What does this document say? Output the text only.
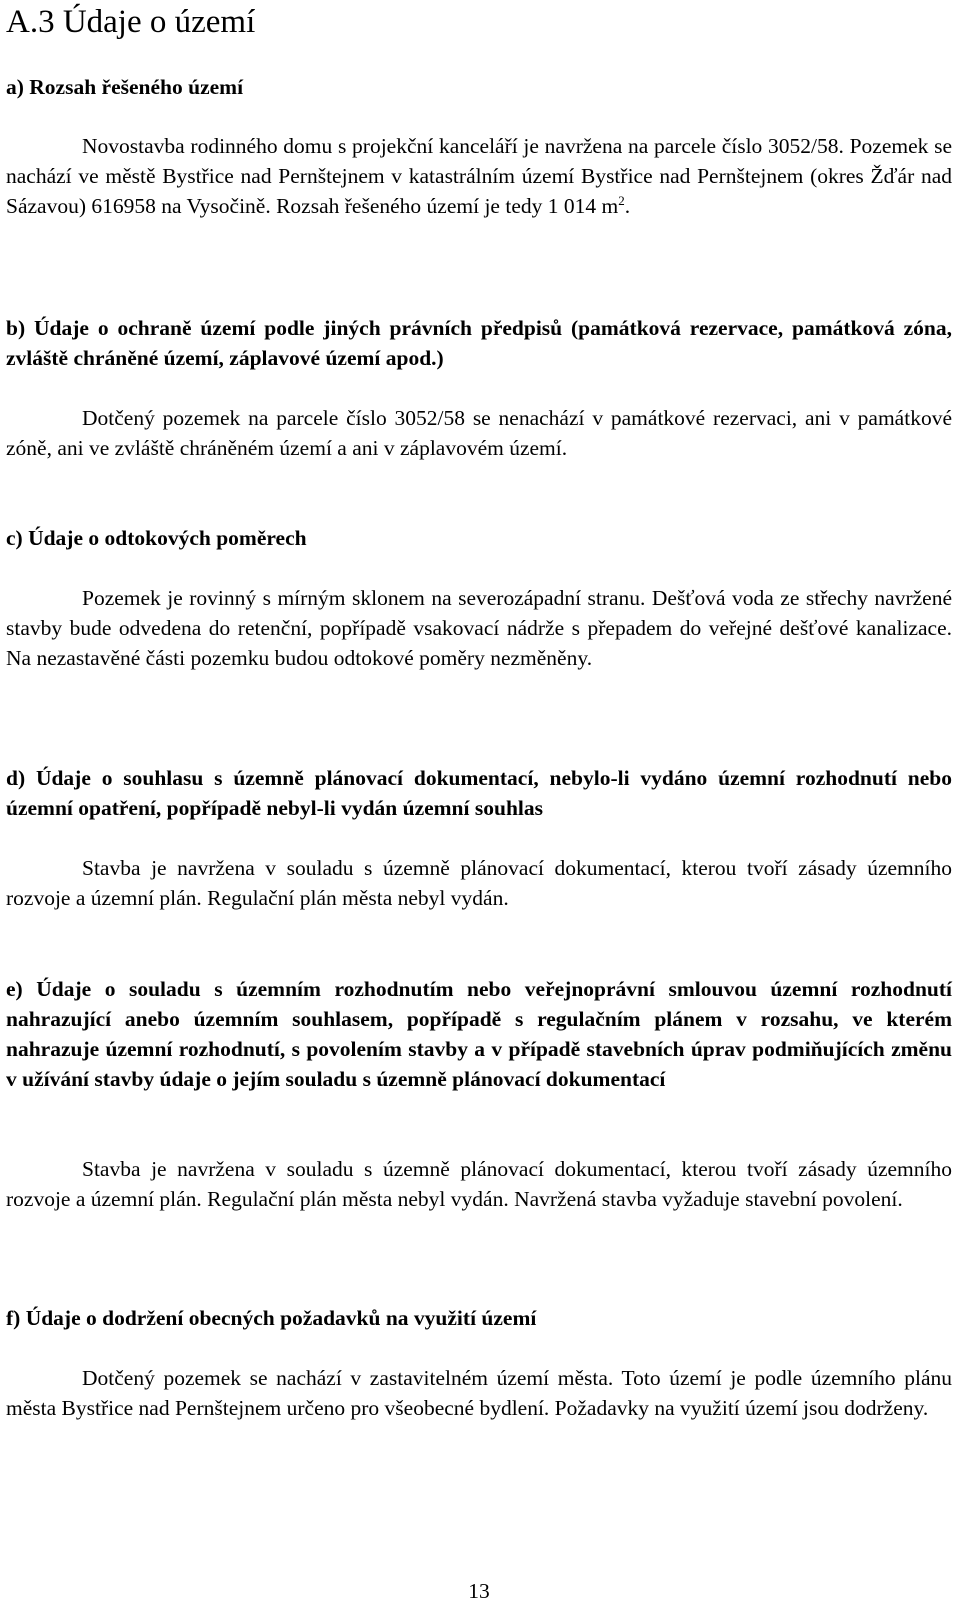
A.3 Údaje o území
a) Rozsah řešeného území

Novostavba rodinného domu s projekční kanceláří je navržena na parcele číslo 3052/58. Pozemek se nachází ve městě Bystřice nad Pernštejnem v katastrálním území Bystřice nad Pernštejnem (okres Žďár nad Sázavou) 616958 na Vysočině. Rozsah řešeného území je tedy 1 014 $m^2$.

b) Údaje o ochraně území podle jiných právních předpisů (památková rezervace, památková zóna, zvláště chráněné území, záplavové území apod.)

Dotčený pozemek na parcele číslo 3052/58 se nenachází v památkové rezervaci, ani v památkové zóně, ani ve zvláště chráněném území a ani v záplavovém území.

c) Údaje o odtokových poměrech

Pozemek je rovinný s mírným sklonem na severozápadní stranu. Dešťová voda ze střechy navržené stavby bude odvedena do retenční, popřípadě vsakovací nádrže s přepadem do veřejné dešťové kanalizace. Na nezastavěné části pozemku budou odtokové poměry nezměněny.

d) Údaje o souhlasu s územně plánovací dokumentací, nebylo-li vydáno územní rozhodnutí nebo územní opatření, popřípadě nebyl-li vydán územní souhlas

Stavba je navržena v souladu s územně plánovací dokumentací, kterou tvoří zásady územního rozvoje a územní plán. Regulační plán města nebyl vydán.

e) Údaje o souladu s územním rozhodnutím nebo veřejnoprávní smlouvou územní rozhodnutí nahrazující anebo územním souhlasem, popřípadě s regulačním plánem v rozsahu, ve kterém nahrazuje územní rozhodnutí, s povolením stavby a v případě stavebních úprav podmiňujících změnu v užívání stavby údaje o jejím souladu s územně plánovací dokumentací

Stavba je navržena v souladu s územně plánovací dokumentací, kterou tvoří zásady územního rozvoje a územní plán. Regulační plán města nebyl vydán. Navržená stavba vyžaduje stavební povolení.

f) Údaje o dodržení obecných požadavků na využití území

Dotčený pozemek se nachází v zastavitelném území města. Toto území je podle územního plánu města Bystřice nad Pernštejnem určeno pro všeobecné bydlení. Požadavky na využití území jsou dodrženy.

13
